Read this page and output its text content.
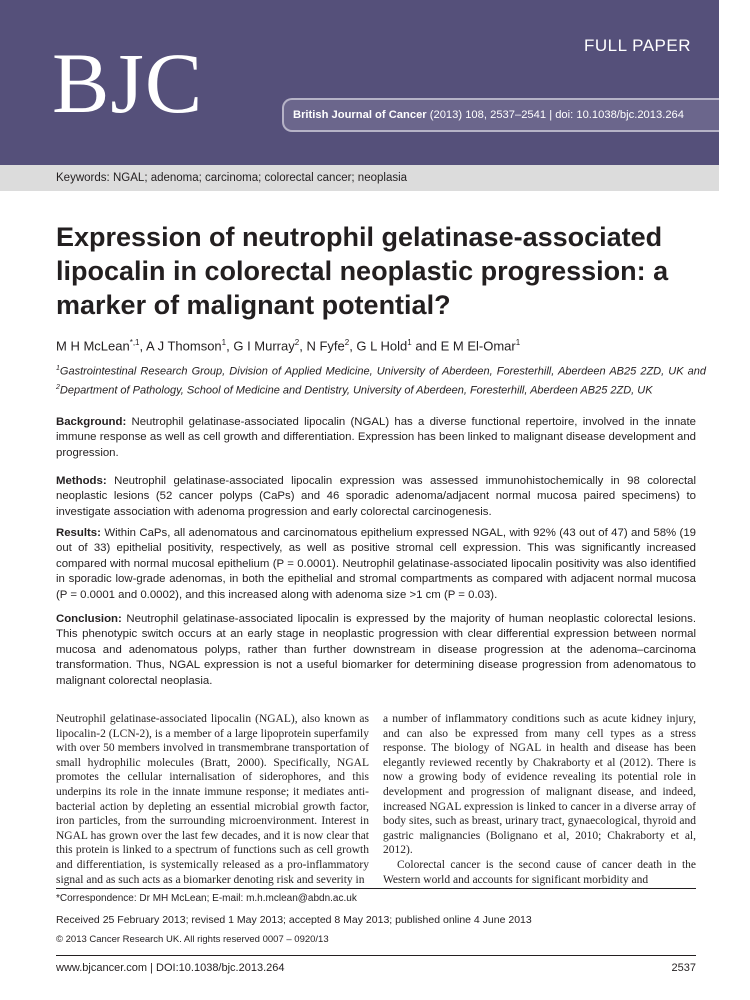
BJC	FULL PAPER
British Journal of Cancer (2013) 108, 2537–2541 | doi: 10.1038/bjc.2013.264
Keywords: NGAL; adenoma; carcinoma; colorectal cancer; neoplasia
Expression of neutrophil gelatinase-associated lipocalin in colorectal neoplastic progression: a marker of malignant potential?
M H McLean$^{*,1}$, A J Thomson$^1$, G I Murray$^2$, N Fyfe$^2$, G L Hold$^1$ and E M El-Omar$^1$
$^1$Gastrointestinal Research Group, Division of Applied Medicine, University of Aberdeen, Foresterhill, Aberdeen AB25 2ZD, UK and $^2$Department of Pathology, School of Medicine and Dentistry, University of Aberdeen, Foresterhill, Aberdeen AB25 2ZD, UK

Background: Neutrophil gelatinase-associated lipocalin (NGAL) has a diverse functional repertoire, involved in the innate immune response as well as cell growth and differentiation. Expression has been linked to malignant disease development and progression.

Methods: Neutrophil gelatinase-associated lipocalin expression was assessed immunohistochemically in 98 colorectal neoplastic lesions (52 cancer polyps (CaPs) and 46 sporadic adenoma/adjacent normal mucosa paired specimens) to investigate association with adenoma progression and early colorectal carcinogenesis.

Results: Within CaPs, all adenomatous and carcinomatous epithelium expressed NGAL, with 92% (43 out of 47) and 58% (19 out of 33) epithelial positivity, respectively, as well as positive stromal cell expression. This was significantly increased compared with normal mucosal epithelium (P = 0.0001). Neutrophil gelatinase-associated lipocalin positivity was also identified in sporadic low-grade adenomas, in both the epithelial and stromal compartments as compared with adjacent normal mucosa (P = 0.0001 and 0.0002), and this increased along with adenoma size >1 cm (P = 0.03).

Conclusion: Neutrophil gelatinase-associated lipocalin is expressed by the majority of human neoplastic colorectal lesions. This phenotypic switch occurs at an early stage in neoplastic progression with clear differential expression between normal mucosa and adenomatous polyps, rather than further downstream in disease progression at the adenoma–carcinoma transformation. Thus, NGAL expression is not a useful biomarker for determining disease progression from adenomatous to malignant colorectal neoplasia.

Neutrophil gelatinase-associated lipocalin (NGAL), also known as lipocalin-2 (LCN-2), is a member of a large lipoprotein superfamily with over 50 members involved in transmembrane transportation of small hydrophilic molecules (Bratt, 2000). Specifically, NGAL promotes the cellular internalisation of siderophores, and this underpins its role in the innate immune response; it mediates anti-bacterial action by depleting an essential microbial growth factor, iron particles, from the surrounding microenvironment. Interest in NGAL has grown over the last few decades, and it is now clear that this protein is linked to a spectrum of functions such as cell growth and differentiation, is systemically released as a pro-inflammatory signal and as such acts as a biomarker denoting risk and severity in

a number of inflammatory conditions such as acute kidney injury, and can also be expressed from many cell types as a stress response. The biology of NGAL in health and disease has been elegantly reviewed recently by Chakraborty et al (2012). There is now a growing body of evidence revealing its potential role in development and progression of malignant disease, and indeed, increased NGAL expression is linked to cancer in a diverse array of body sites, such as breast, urinary tract, gynaecological, thyroid and gastric malignancies (Bolignano et al, 2010; Chakraborty et al, 2012).

Colorectal cancer is the second cause of cancer death in the Western world and accounts for significant morbidity and

*Correspondence: Dr MH McLean; E-mail: m.h.mclean@abdn.ac.uk
Received 25 February 2013; revised 1 May 2013; accepted 8 May 2013; published online 4 June 2013
© 2013 Cancer Research UK. All rights reserved 0007 – 0920/13
www.bjcancer.com | DOI:10.1038/bjc.2013.264	2537
